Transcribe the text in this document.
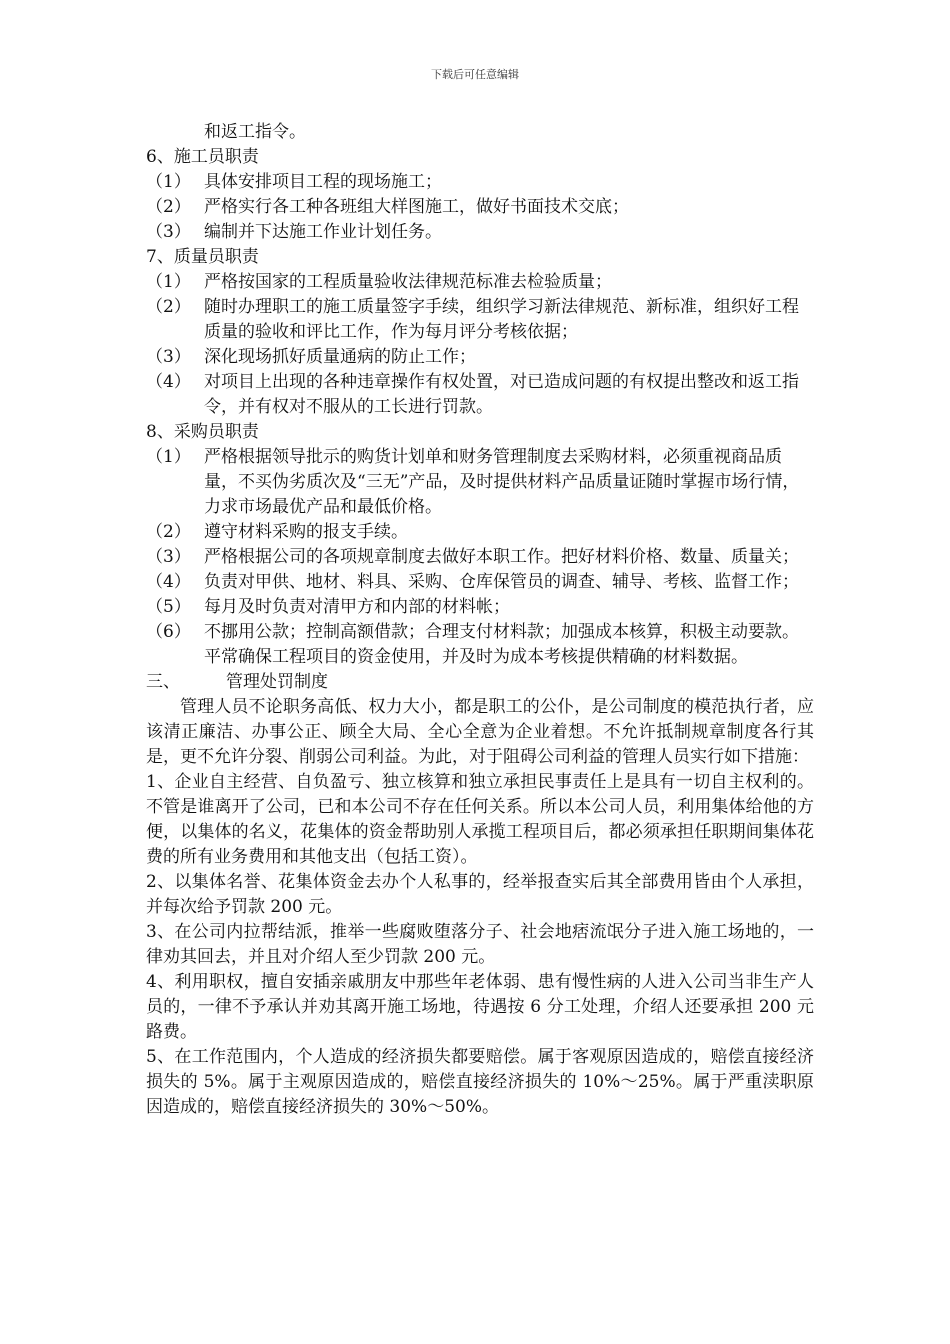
下载后可任意编辑
和返工指令。
6、施工员职责
（1） 具体安排项目工程的现场施工；
（2） 严格实行各工种各班组大样图施工，做好书面技术交底；
（3） 编制并下达施工作业计划任务。
7、质量员职责
（1） 严格按国家的工程质量验收法律规范标准去检验质量；
（2） 随时办理职工的施工质量签字手续，组织学习新法律规范、新标准，组织好工程质量的验收和评比工作，作为每月评分考核依据；
（3） 深化现场抓好质量通病的防止工作；
（4） 对项目上出现的各种违章操作有权处置，对已造成问题的有权提出整改和返工指令，并有权对不服从的工长进行罚款。
8、采购员职责
（1） 严格根据领导批示的购货计划单和财务管理制度去采购材料，必须重视商品质量，不买伪劣质次及“三无”产品，及时提供材料产品质量证随时掌握市场行情，力求市场最优产品和最低价格。
（2） 遵守材料采购的报支手续。
（3） 严格根据公司的各项规章制度去做好本职工作。把好材料价格、数量、质量关；
（4） 负责对甲供、地材、料具、采购、仓库保管员的调查、辅导、考核、监督工作；
（5） 每月及时负责对清甲方和内部的材料帐；
（6） 不挪用公款；控制高额借款；合理支付材料款；加强成本核算，积极主动要款。平常确保工程项目的资金使用，并及时为成本考核提供精确的材料数据。
三、	管理处罚制度
管理人员不论职务高低、权力大小，都是职工的公仆，是公司制度的模范执行者，应该清正廉洁、办事公正、顾全大局、全心全意为企业着想。不允许抵制规章制度各行其是，更不允许分裂、削弱公司利益。为此，对于阻碍公司利益的管理人员实行如下措施：
1、企业自主经营、自负盈亏、独立核算和独立承担民事责任上是具有一切自主权利的。不管是谁离开了公司，已和本公司不存在任何关系。所以本公司人员，利用集体给他的方便，以集体的名义，花集体的资金帮助别人承揽工程项目后，都必须承担任职期间集体花费的所有业务费用和其他支出（包括工资）。
2、以集体名誉、花集体资金去办个人私事的，经举报查实后其全部费用皆由个人承担，并每次给予罚款 200 元。
3、在公司内拉帮结派，推举一些腐败堕落分子、社会地痞流氓分子进入施工场地的，一律劝其回去，并且对介绍人至少罚款 200 元。
4、利用职权，擅自安插亲戚朋友中那些年老体弱、患有慢性病的人进入公司当非生产人员的，一律不予承认并劝其离开施工场地，待遇按 6 分工处理，介绍人还要承担 200 元路费。
5、在工作范围内，个人造成的经济损失都要赔偿。属于客观原因造成的，赔偿直接经济损失的 5%。属于主观原因造成的，赔偿直接经济损失的 10%～25%。属于严重渎职原因造成的，赔偿直接经济损失的 30%～50%。
